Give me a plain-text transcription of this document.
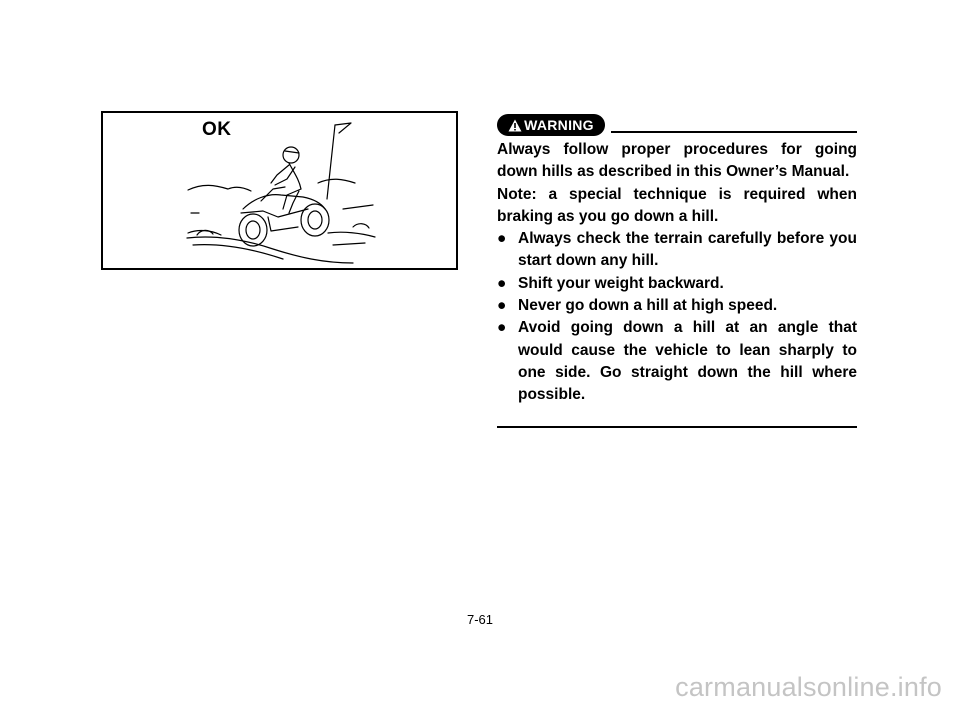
OK	WARNING

Always follow proper procedures for going down hills as described in this Owner’s Manual.

Note: a special technique is required when braking as you go down a hill.

● Always check the terrain carefully before you start down any hill.
● Shift your weight backward.
● Never go down a hill at high speed.
● Avoid going down a hill at an angle that would cause the vehicle to lean sharply to one side. Go straight down the hill where possible.
7-61
carmanualsonline.info
